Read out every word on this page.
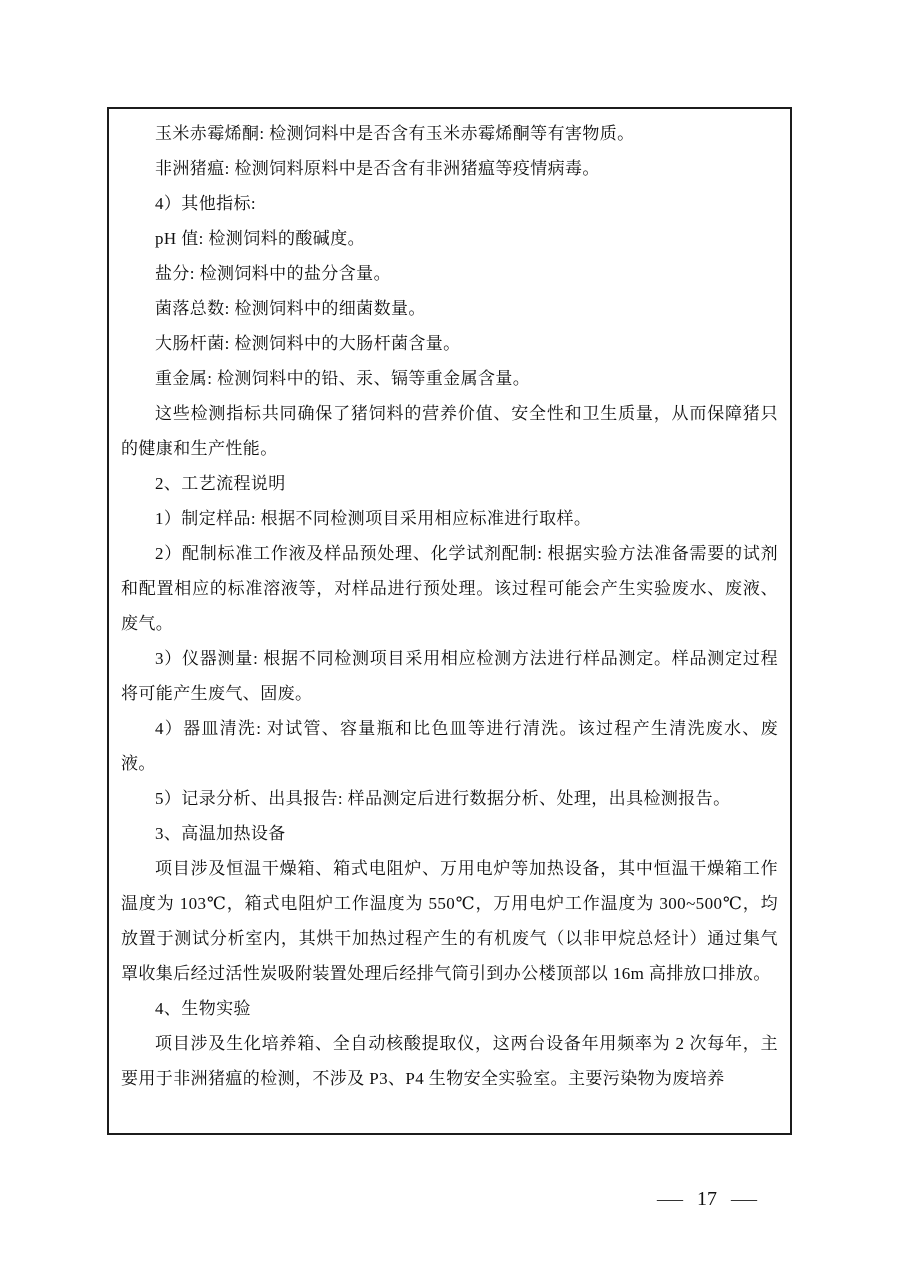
玉米赤霉烯酮: 检测饲料中是否含有玉米赤霉烯酮等有害物质。

非洲猪瘟: 检测饲料原料中是否含有非洲猪瘟等疫情病毒。

4）其他指标:

pH 值: 检测饲料的酸碱度。

盐分: 检测饲料中的盐分含量。

菌落总数: 检测饲料中的细菌数量。

大肠杆菌: 检测饲料中的大肠杆菌含量。

重金属: 检测饲料中的铅、汞、镉等重金属含量。

这些检测指标共同确保了猪饲料的营养价值、安全性和卫生质量，从而保障猪只的健康和生产性能。

2、工艺流程说明

1）制定样品: 根据不同检测项目采用相应标准进行取样。

2）配制标准工作液及样品预处理、化学试剂配制: 根据实验方法准备需要的试剂和配置相应的标准溶液等，对样品进行预处理。该过程可能会产生实验废水、废液、废气。

3）仪器测量: 根据不同检测项目采用相应检测方法进行样品测定。样品测定过程将可能产生废气、固废。

4）器皿清洗: 对试管、容量瓶和比色皿等进行清洗。该过程产生清洗废水、废液。

5）记录分析、出具报告: 样品测定后进行数据分析、处理，出具检测报告。

3、高温加热设备

项目涉及恒温干燥箱、箱式电阻炉、万用电炉等加热设备，其中恒温干燥箱工作温度为 103℃，箱式电阻炉工作温度为 550℃，万用电炉工作温度为 300~500℃，均放置于测试分析室内，其烘干加热过程产生的有机废气（以非甲烷总烃计）通过集气罩收集后经过活性炭吸附装置处理后经排气筒引到办公楼顶部以 16m 高排放口排放。

4、生物实验

项目涉及生化培养箱、全自动核酸提取仪，这两台设备年用频率为 2 次每年，主要用于非洲猪瘟的检测，不涉及 P3、P4 生物安全实验室。主要污染物为废培养

— 17 —
